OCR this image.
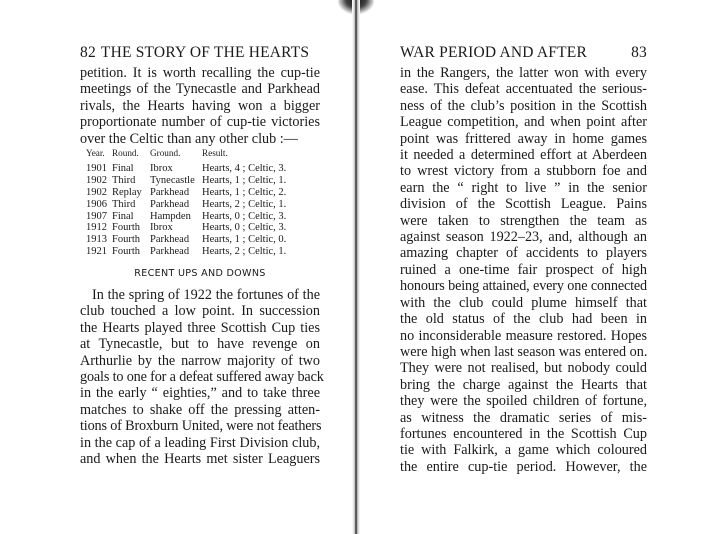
82 THE STORY OF THE HEARTS
petition. It is worth recalling the cup-tie
meetings of the Tynecastle and Parkhead
rivals, the Hearts having won a bigger
proportionate number of cup-tie victories
over the Celtic than any other club :—
Year.	Round.	Ground.	Result.
1901	Final	Ibrox	Hearts, 4 ; Celtic, 3.
1902	Third	Tynecastle	Hearts, 1 ; Celtic, 1.
1902	Replay	Parkhead	Hearts, 1 ; Celtic, 2.
1906	Third	Parkhead	Hearts, 2 ; Celtic, 1.
1907	Final	Hampden	Hearts, 0 ; Celtic, 3.
1912	Fourth	Ibrox	Hearts, 0 ; Celtic, 3.
1913	Fourth	Parkhead	Hearts, 1 ; Celtic, 0.
1921	Fourth	Parkhead	Hearts, 2 ; Celtic, 1.
RECENT UPS AND DOWNS
In the spring of 1922 the fortunes of the
club touched a low point. In succession
the Hearts played three Scottish Cup ties
at Tynecastle, but to have revenge on
Arthurlie by the narrow majority of two
goals to one for a defeat suffered away back
in the early “ eighties,” and to take three
matches to shake off the pressing atten-
tions of Broxburn United, were not feathers
in the cap of a leading First Division club,
and when the Hearts met sister Leaguers
WAR PERIOD AND AFTER	83
in the Rangers, the latter won with every
ease. This defeat accentuated the serious-
ness of the club’s position in the Scottish
League competition, and when point after
point was frittered away in home games
it needed a determined effort at Aberdeen
to wrest victory from a stubborn foe and
earn the “ right to live ” in the senior
division of the Scottish League. Pains
were taken to strengthen the team as
against season 1922–23, and, although an
amazing chapter of accidents to players
ruined a one-time fair prospect of high
honours being attained, every one connected
with the club could plume himself that
the old status of the club had been in
no inconsiderable measure restored. Hopes
were high when last season was entered on.
They were not realised, but nobody could
bring the charge against the Hearts that
they were the spoiled children of fortune,
as witness the dramatic series of mis-
fortunes encountered in the Scottish Cup
tie with Falkirk, a game which coloured
the entire cup-tie period. However, the
